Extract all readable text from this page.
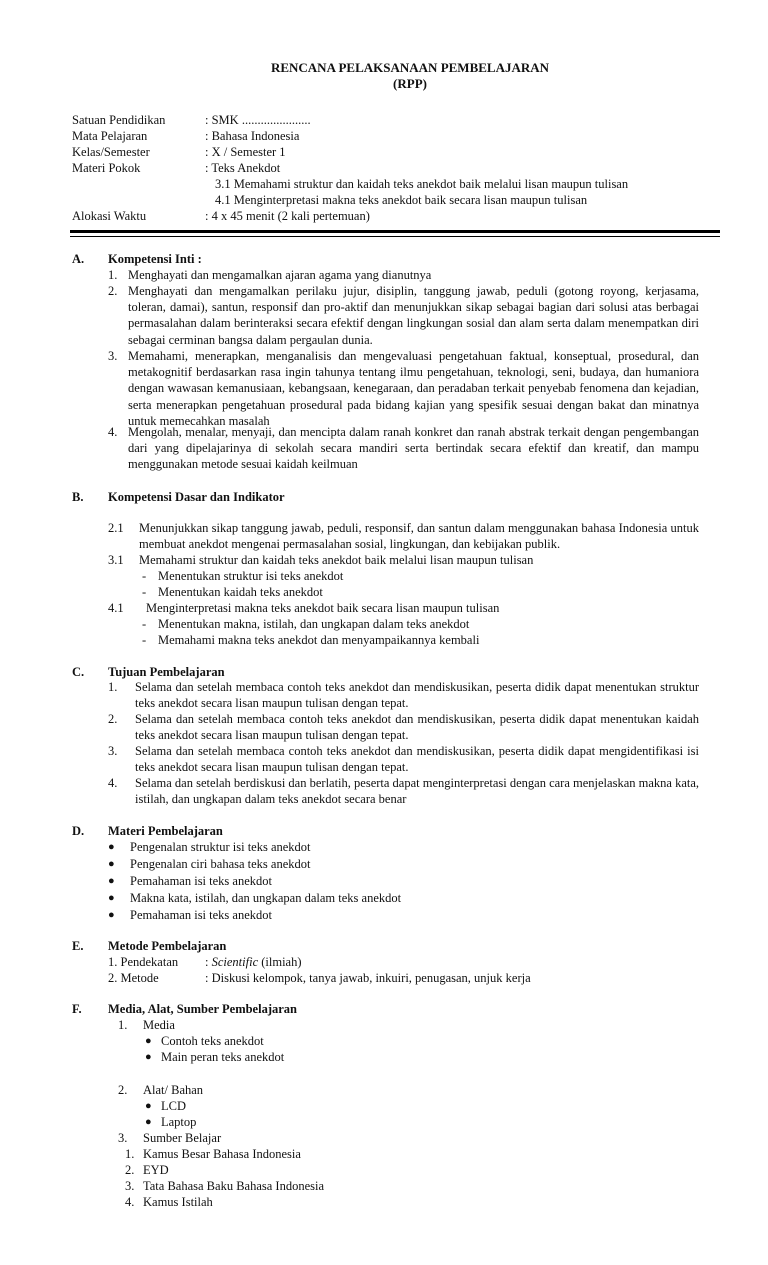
RENCANA PELAKSANAAN PEMBELAJARAN
(RPP)
Satuan Pendidikan	: SMK ......................
Mata Pelajaran	: Bahasa Indonesia
Kelas/Semester	: X / Semester 1
Materi Pokok	: Teks Anekdot
3.1 Memahami struktur dan kaidah teks anekdot baik melalui lisan maupun tulisan
4.1 Menginterpretasi makna teks anekdot baik secara lisan maupun tulisan
Alokasi Waktu	: 4 x 45 menit (2 kali pertemuan)
A. Kompetensi Inti :
1. Menghayati dan mengamalkan ajaran agama yang dianutnya
2. Menghayati dan mengamalkan perilaku jujur, disiplin, tanggung jawab, peduli (gotong royong, kerjasama, toleran, damai), santun, responsif dan pro-aktif dan menunjukkan sikap sebagai bagian dari solusi atas berbagai permasalahan dalam berinteraksi secara efektif dengan lingkungan sosial dan alam serta dalam menempatkan diri sebagai cerminan bangsa dalam pergaulan dunia.
3. Memahami, menerapkan, menganalisis dan mengevaluasi pengetahuan faktual, konseptual, prosedural, dan metakognitif berdasarkan rasa ingin tahunya tentang ilmu pengetahuan, teknologi, seni, budaya, dan humaniora dengan wawasan kemanusiaan, kebangsaan, kenegaraan, dan peradaban terkait penyebab fenomena dan kejadian, serta menerapkan pengetahuan prosedural pada bidang kajian yang spesifik sesuai dengan bakat dan minatnya untuk memecahkan masalah
4. Mengolah, menalar, menyaji, dan mencipta dalam ranah konkret dan ranah abstrak terkait dengan pengembangan dari yang dipelajarinya di sekolah secara mandiri serta bertindak secara efektif dan kreatif, dan mampu menggunakan metode sesuai kaidah keilmuan
B. Kompetensi Dasar dan Indikator
2.1 Menunjukkan sikap tanggung jawab, peduli, responsif, dan santun dalam menggunakan bahasa Indonesia untuk membuat anekdot mengenai permasalahan sosial, lingkungan, dan kebijakan publik.
3.1 Memahami struktur dan kaidah teks anekdot baik melalui lisan maupun tulisan
- Menentukan struktur isi teks anekdot
- Menentukan kaidah teks anekdot
4.1 Menginterpretasi makna teks anekdot baik secara lisan maupun tulisan
- Menentukan makna, istilah, dan ungkapan dalam teks anekdot
- Memahami makna teks anekdot dan menyampaikannya kembali
C. Tujuan Pembelajaran
1. Selama dan setelah membaca contoh teks anekdot dan mendiskusikan, peserta didik dapat menentukan struktur teks anekdot secara lisan maupun tulisan dengan tepat.
2. Selama dan setelah membaca contoh teks anekdot dan mendiskusikan, peserta didik dapat menentukan kaidah teks anekdot secara lisan maupun tulisan dengan tepat.
3. Selama dan setelah membaca contoh teks anekdot dan mendiskusikan, peserta didik dapat mengidentifikasi isi teks anekdot secara lisan maupun tulisan dengan tepat.
4. Selama dan setelah berdiskusi dan berlatih, peserta dapat menginterpretasi dengan cara menjelaskan makna kata, istilah, dan ungkapan dalam teks anekdot secara benar
D. Materi Pembelajaran
● Pengenalan struktur isi teks anekdot
● Pengenalan ciri bahasa teks anekdot
● Pemahaman isi teks anekdot
● Makna kata, istilah, dan ungkapan dalam teks anekdot
● Pemahaman isi teks anekdot
E. Metode Pembelajaran
1. Pendekatan : Scientific (ilmiah)
2. Metode	: Diskusi kelompok, tanya jawab, inkuiri, penugasan, unjuk kerja
F. Media, Alat, Sumber Pembelajaran
1. Media
● Contoh teks anekdot
● Main peran teks anekdot
2. Alat/ Bahan
● LCD
● Laptop
3. Sumber Belajar
1. Kamus Besar Bahasa Indonesia
2. EYD
3. Tata Bahasa Baku Bahasa Indonesia
4. Kamus Istilah
